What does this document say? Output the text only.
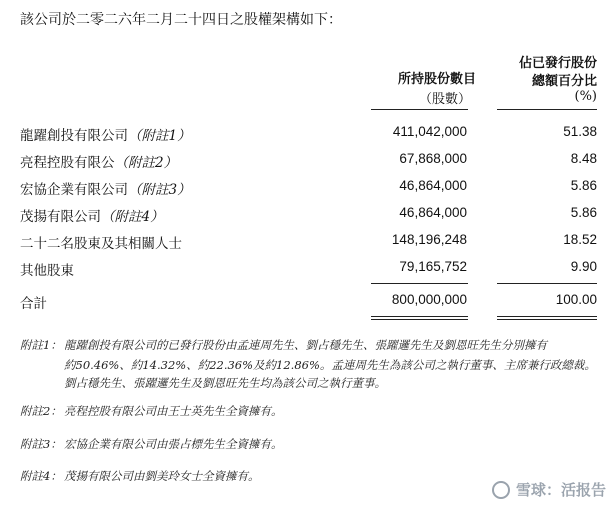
該公司於二零二六年二月二十四日之股權架構如下：
所持股份數目
（股數）
佔已發行股份
總額百分比
(%)
龍躍創投有限公司（附註1）	411,042,000	51.38
亮程控股有限公（附註2）	67,868,000	8.48
宏協企業有限公司（附註3）	46,864,000	5.86
茂揚有限公司（附註4）	46,864,000	5.86
二十二名股東及其相關人士	148,196,248	18.52
其他股東	79,165,752	9.90
合計	800,000,000	100.00
附註1： 龍躍創投有限公司的已發行股份由孟連周先生、劉占穩先生、張躍邏先生及劉恩旺先生分別擁有
約50.46%、約14.32%、約22.36%及約12.86%。孟連周先生為該公司之執行董事、主席兼行政總裁。
劉占穩先生、張躍邏先生及劉恩旺先生均為該公司之執行董事。
附註2： 亮程控股有限公司由王士英先生全資擁有。
附註3： 宏協企業有限公司由張占標先生全資擁有。
附註4： 茂揚有限公司由劉美玲女士全資擁有。
雪球：活报告
